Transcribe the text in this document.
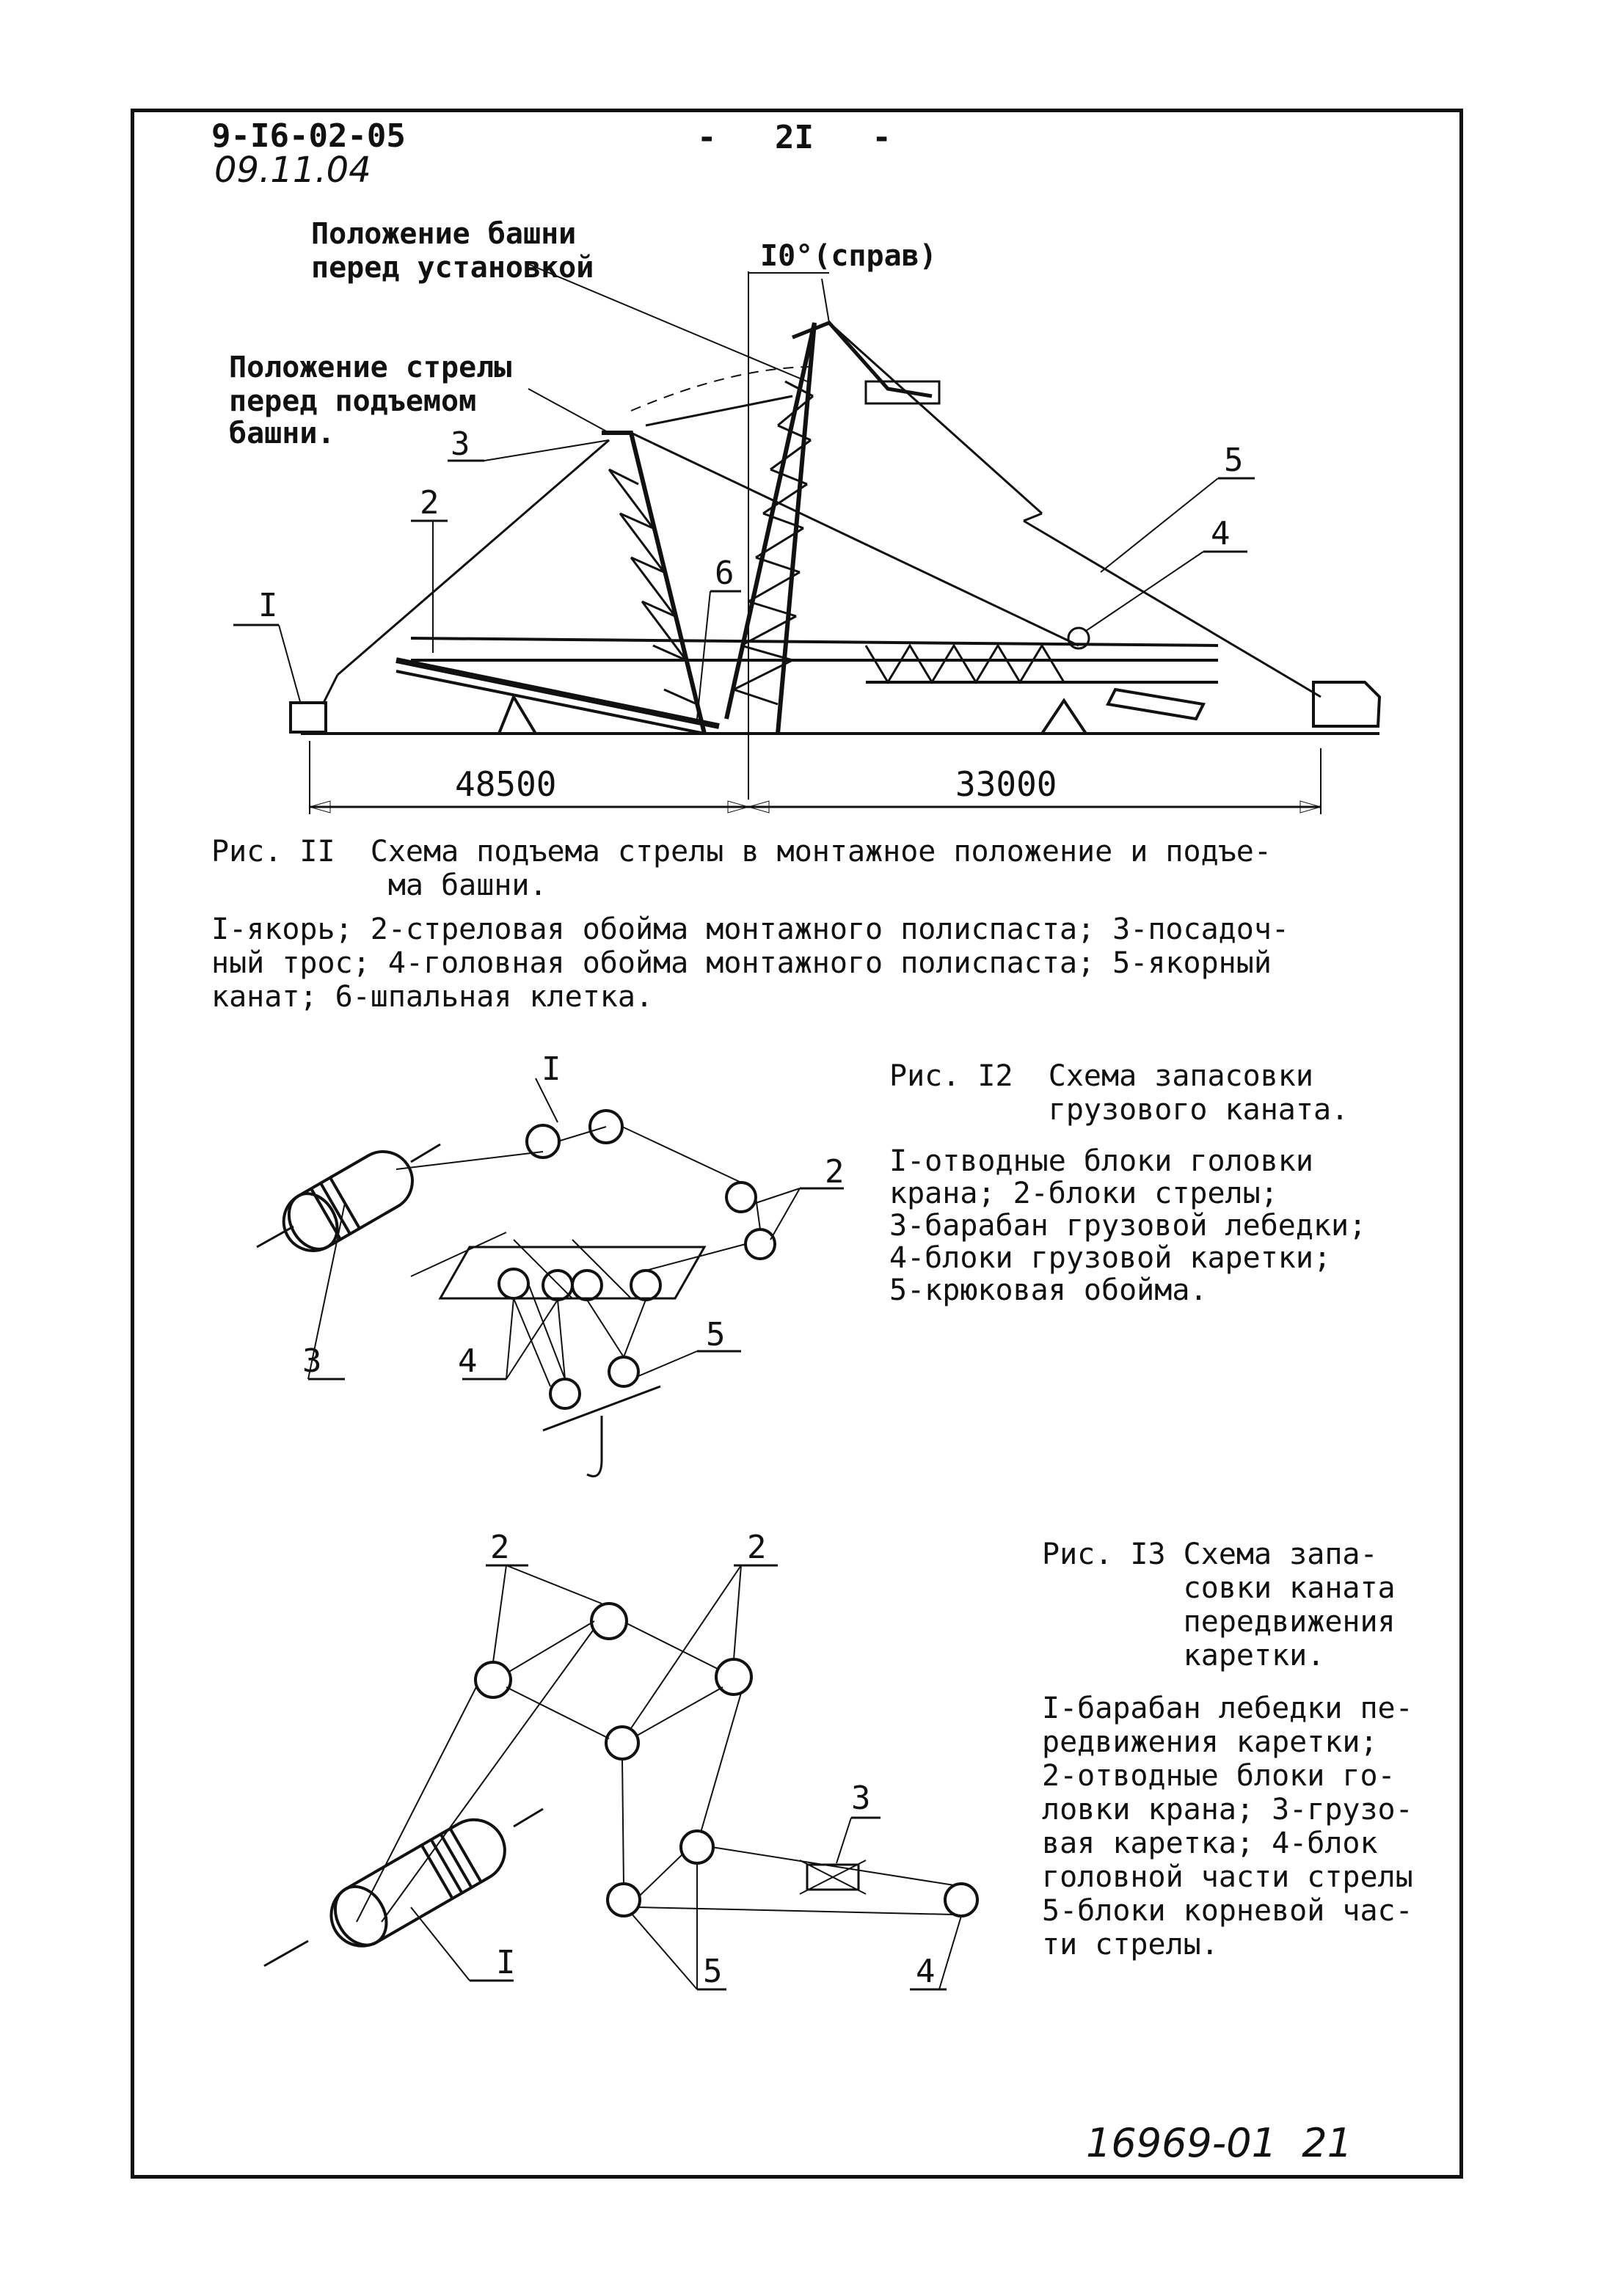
9-I6-02-05
09.11.04
-   2I   -
Положение башни
перед установкой	I0°(справ)
Положение стрелы
перед подъемом
башни.
I
2
3
6
5
4
48500	33000
Рис. II  Схема подъема стрелы в монтажное положение и подъе-
ма башни.
I-якорь; 2-стреловая обойма монтажного полиспаста; 3-посадоч-
ный трос; 4-головная обойма монтажного полиспаста; 5-якорный
канат; 6-шпальная клетка.
I
2
3	4
5
Рис. I2  Схема запасовки
грузового каната.
I-отводные блоки головки
крана; 2-блоки стрелы;
3-барабан грузовой лебедки;
4-блоки грузовой каретки;
5-крюковая обойма.
2	2
3
I	5	4
Рис. I3 Схема запа-
совки каната
передвижения
каретки.
I-барабан лебедки пе-
редвижения каретки;
2-отводные блоки го-
ловки крана; 3-грузо-
вая каретка; 4-блок
головной части стрелы
5-блоки корневой час-
ти стрелы.
16969-01  21
